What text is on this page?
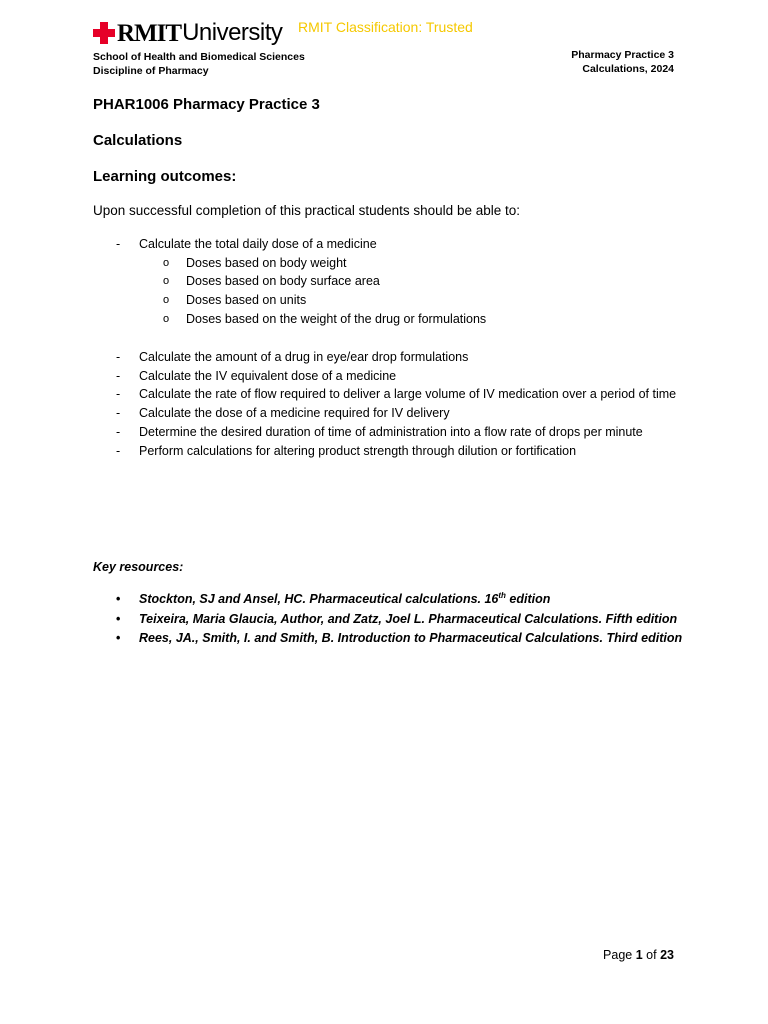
RMIT University RMIT Classification: Trusted
School of Health and Biomedical Sciences
Discipline of Pharmacy
Pharmacy Practice 3
Calculations, 2024
PHAR1006 Pharmacy Practice 3
Calculations
Learning outcomes:
Upon successful completion of this practical students should be able to:
- Calculate the total daily dose of a medicine
o Doses based on body weight
o Doses based on body surface area
o Doses based on units
o Doses based on the weight of the drug or formulations
- Calculate the amount of a drug in eye/ear drop formulations
- Calculate the IV equivalent dose of a medicine
- Calculate the rate of flow required to deliver a large volume of IV medication over a period of time
- Calculate the dose of a medicine required for IV delivery
- Determine the desired duration of time of administration into a flow rate of drops per minute
- Perform calculations for altering product strength through dilution or fortification
Key resources:
• Stockton, SJ and Ansel, HC. Pharmaceutical calculations. 16th edition
• Teixeira, Maria Glaucia, Author, and Zatz, Joel L. Pharmaceutical Calculations. Fifth edition
• Rees, JA., Smith, I. and Smith, B. Introduction to Pharmaceutical Calculations. Third edition
Page 1 of 23
